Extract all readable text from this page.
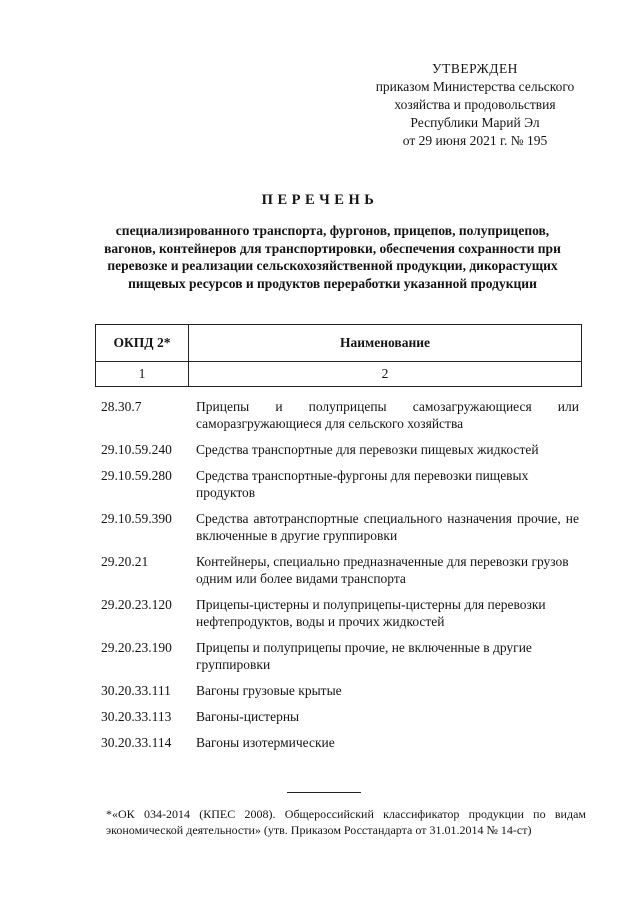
УТВЕРЖДЕН
приказом Министерства сельского
хозяйства и продовольствия
Республики Марий Эл
от 29 июня 2021 г. № 195
ПЕРЕЧЕНЬ
специализированного транспорта, фургонов, прицепов, полуприцепов, вагонов, контейнеров для транспортировки, обеспечения сохранности при перевозке и реализации сельскохозяйственной продукции, дикорастущих пищевых ресурсов и продуктов переработки указанной продукции
ОКПД 2*	Наименование
1	2
28.30.7	Прицепы и полуприцепы самозагружающиеся или саморазгружающиеся для сельского хозяйства
29.10.59.240	Средства транспортные для перевозки пищевых жидкостей
29.10.59.280	Средства транспортные-фургоны для перевозки пищевых продуктов
29.10.59.390	Средства автотранспортные специального назначения прочие, не включенные в другие группировки
29.20.21	Контейнеры, специально предназначенные для перевозки грузов одним или более видами транспорта
29.20.23.120	Прицепы-цистерны и полуприцепы-цистерны для перевозки нефтепродуктов, воды и прочих жидкостей
29.20.23.190	Прицепы и полуприцепы прочие, не включенные в другие группировки
30.20.33.111	Вагоны грузовые крытые
30.20.33.113	Вагоны-цистерны
30.20.33.114	Вагоны изотермические
*«ОК 034-2014 (КПЕС 2008). Общероссийский классификатор продукции по видам экономической деятельности» (утв. Приказом Росстандарта от 31.01.2014 № 14-ст)
